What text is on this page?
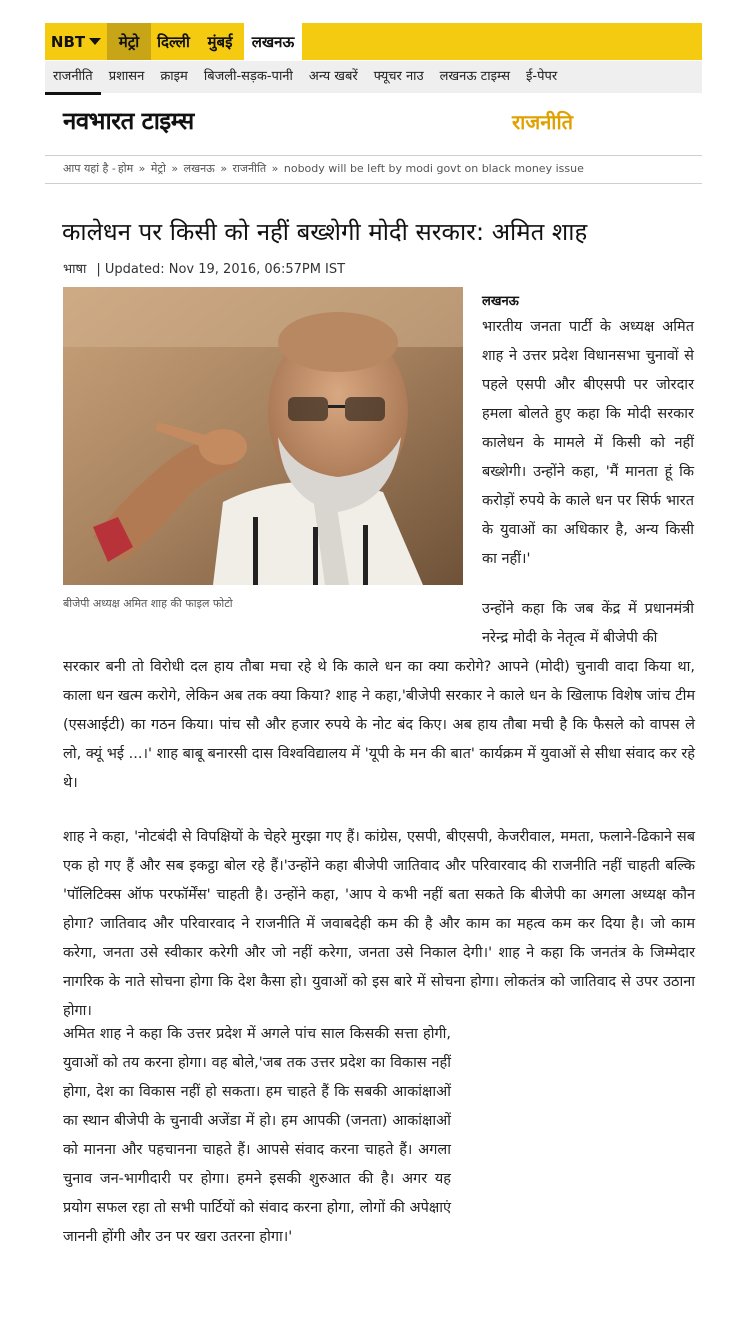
NBT	मेट्रो	दिल्ली	मुंबई	लखनऊ
राजनीति	प्रशासन	क्राइम	बिजली-सड़क-पानी	अन्य खबरें	फ्यूचर नाउ	लखनऊ टाइम्स	ई-पेपर
नवभारत टाइम्स	राजनीति
आप यहां है - होम » मेट्रो » लखनऊ » राजनीति » nobody will be left by modi govt on black money issue
कालेधन पर किसी को नहीं बख्शेगी मोदी सरकार: अमित शाह
भाषा | Updated: Nov 19, 2016, 06:57PM IST
बीजेपी अध्यक्ष अमित शाह की फाइल फोटो
लखनऊ

भारतीय जनता पार्टी के अध्यक्ष अमित शाह ने उत्तर प्रदेश विधानसभा चुनावों से पहले एसपी और बीएसपी पर जोरदार हमला बोलते हुए कहा कि मोदी सरकार कालेधन के मामले में किसी को नहीं बख्शेगी। उन्होंने कहा, 'मैं मानता हूं कि करोड़ों रुपये के काले धन पर सिर्फ भारत के युवाओं का अधिकार है, अन्य किसी का नहीं।'

उन्होंने कहा कि जब केंद्र में प्रधानमंत्री नरेन्द्र मोदी के नेतृत्व में बीजेपी की

सरकार बनी तो विरोधी दल हाय तौबा मचा रहे थे कि काले धन का क्या करोगे? आपने (मोदी) चुनावी वादा किया था, काला धन खत्म करोगे, लेकिन अब तक क्या किया? शाह ने कहा,'बीजेपी सरकार ने काले धन के खिलाफ विशेष जांच टीम (एसआईटी) का गठन किया। पांच सौ और हजार रुपये के नोट बंद किए। अब हाय तौबा मची है कि फैसले को वापस ले लो, क्यूं भई ...।' शाह बाबू बनारसी दास विश्वविद्यालय में 'यूपी के मन की बात' कार्यक्रम में युवाओं से सीधा संवाद कर रहे थे।

शाह ने कहा, 'नोटबंदी से विपक्षियों के चेहरे मुरझा गए हैं। कांग्रेस, एसपी, बीएसपी, केजरीवाल, ममता, फलाने-ढिकाने सब एक हो गए हैं और सब इकट्ठा बोल रहे हैं।'उन्होंने कहा बीजेपी जातिवाद और परिवारवाद की राजनीति नहीं चाहती बल्कि 'पॉलिटिक्स ऑफ परफॉर्मेंस' चाहती है। उन्होंने कहा, 'आप ये कभी नहीं बता सकते कि बीजेपी का अगला अध्यक्ष कौन होगा? जातिवाद और परिवारवाद ने राजनीति में जवाबदेही कम की है और काम का महत्व कम कर दिया है। जो काम करेगा, जनता उसे स्वीकार करेगी और जो नहीं करेगा, जनता उसे निकाल देगी।' शाह ने कहा कि जनतंत्र के जिम्मेदार नागरिक के नाते सोचना होगा कि देश कैसा हो। युवाओं को इस बारे में सोचना होगा। लोकतंत्र को जातिवाद से उपर उठाना होगा।

अमित शाह ने कहा कि उत्तर प्रदेश में अगले पांच साल किसकी सत्ता होगी, युवाओं को तय करना होगा। वह बोले,'जब तक उत्तर प्रदेश का विकास नहीं होगा, देश का विकास नहीं हो सकता। हम चाहते हैं कि सबकी आकांक्षाओं का स्थान बीजेपी के चुनावी अजेंडा में हो। हम आपकी (जनता) आकांक्षाओं को मानना और पहचानना चाहते हैं। आपसे संवाद करना चाहते हैं। अगला चुनाव जन-भागीदारी पर होगा। हमने इसकी शुरुआत की है। अगर यह प्रयोग सफल रहा तो सभी पार्टियों को संवाद करना होगा, लोगों की अपेक्षाएं जाननी होंगी और उन पर खरा उतरना होगा।'
